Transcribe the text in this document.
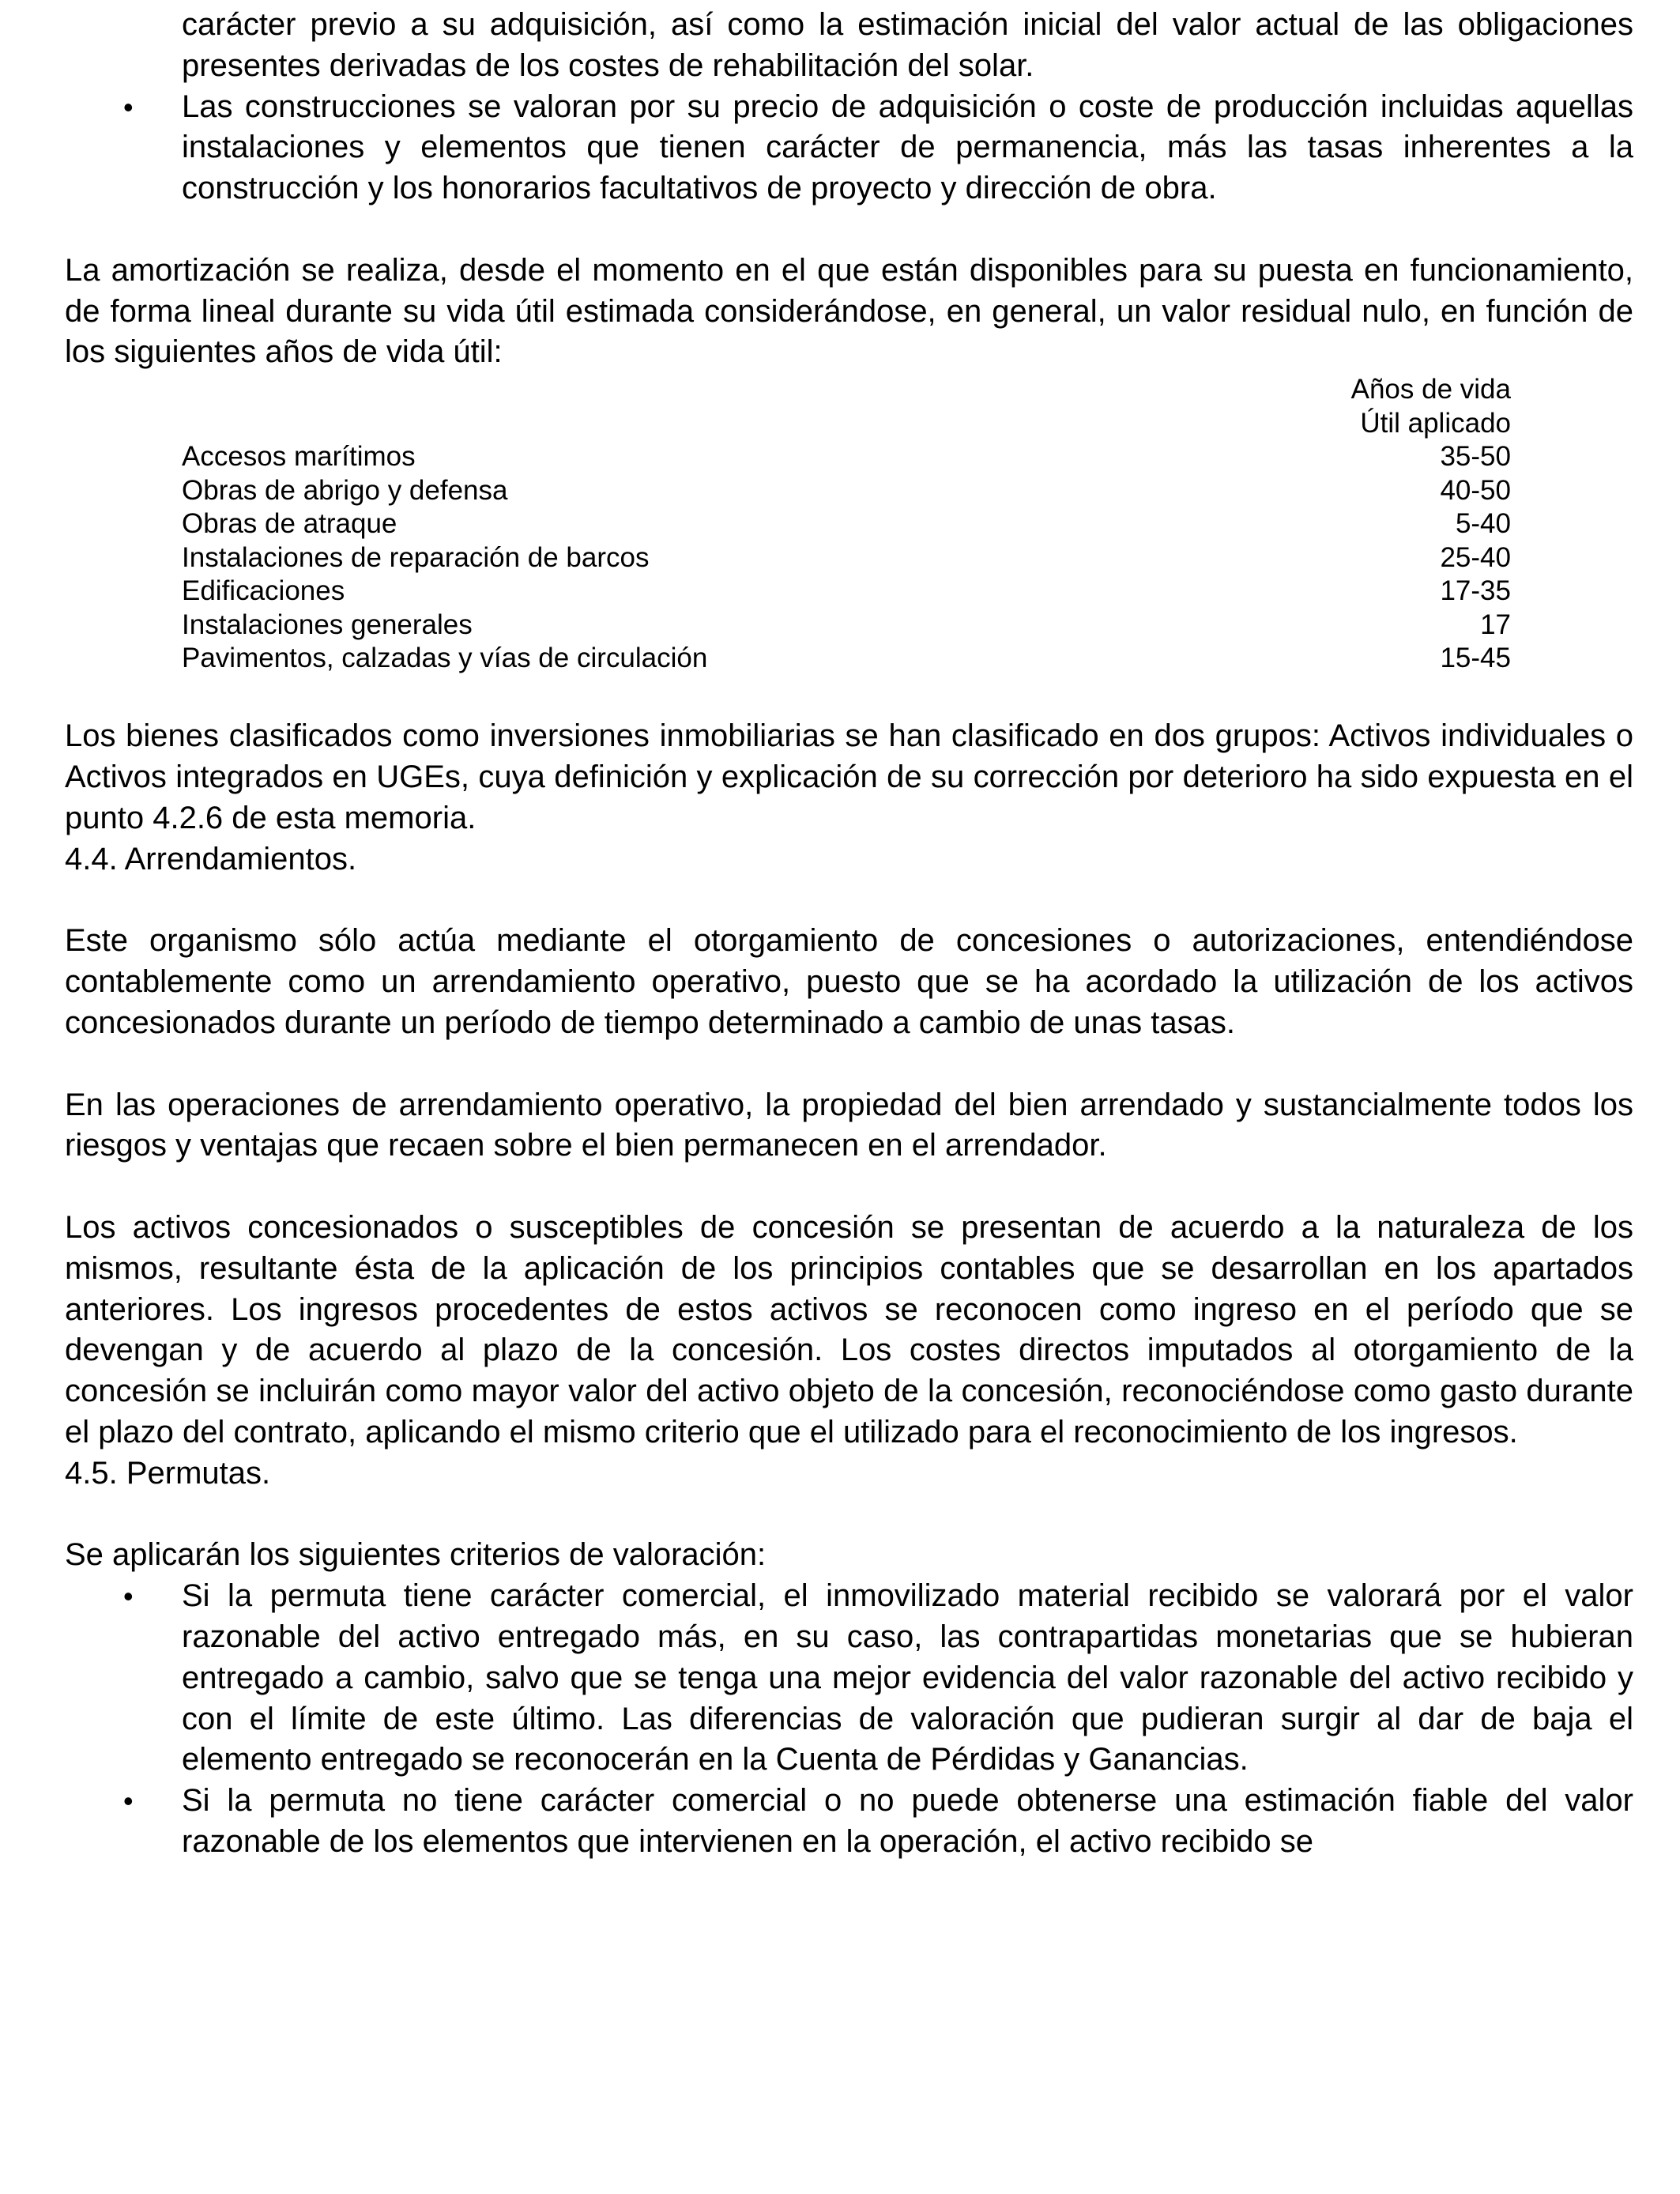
carácter previo a su adquisición, así como la estimación inicial del valor actual de las obligaciones presentes derivadas de los costes de rehabilitación del solar.

• Las construcciones se valoran por su precio de adquisición o coste de producción incluidas aquellas instalaciones y elementos que tienen carácter de permanencia, más las tasas inherentes a la construcción y los honorarios facultativos de proyecto y dirección de obra.

La amortización se realiza, desde el momento en el que están disponibles para su puesta en funcionamiento, de forma lineal durante su vida útil estimada considerándose, en general, un valor residual nulo, en función de los siguientes años de vida útil:

	Años de vida
	Útil aplicado
Accesos marítimos	35-50
Obras de abrigo y defensa	40-50
Obras de atraque	5-40
Instalaciones de reparación de barcos	25-40
Edificaciones	17-35
Instalaciones generales	17
Pavimentos, calzadas y vías de circulación	15-45

Los bienes clasificados como inversiones inmobiliarias se han clasificado en dos grupos: Activos individuales o Activos integrados en UGEs, cuya definición y explicación de su corrección por deterioro ha sido expuesta en el punto 4.2.6 de esta memoria.

4.4. Arrendamientos.

Este organismo sólo actúa mediante el otorgamiento de concesiones o autorizaciones, entendiéndose contablemente como un arrendamiento operativo, puesto que se ha acordado la utilización de los activos concesionados durante un período de tiempo determinado a cambio de unas tasas.

En las operaciones de arrendamiento operativo, la propiedad del bien arrendado y sustancialmente todos los riesgos y ventajas que recaen sobre el bien permanecen en el arrendador.

Los activos concesionados o susceptibles de concesión se presentan de acuerdo a la naturaleza de los mismos, resultante ésta de la aplicación de los principios contables que se desarrollan en los apartados anteriores. Los ingresos procedentes de estos activos se reconocen como ingreso en el período que se devengan y de acuerdo al plazo de la concesión. Los costes directos imputados al otorgamiento de la concesión se incluirán como mayor valor del activo objeto de la concesión, reconociéndose como gasto durante el plazo del contrato, aplicando el mismo criterio que el utilizado para el reconocimiento de los ingresos.

4.5. Permutas.

Se aplicarán los siguientes criterios de valoración:

• Si la permuta tiene carácter comercial, el inmovilizado material recibido se valorará por el valor razonable del activo entregado más, en su caso, las contrapartidas monetarias que se hubieran entregado a cambio, salvo que se tenga una mejor evidencia del valor razonable del activo recibido y con el límite de este último. Las diferencias de valoración que pudieran surgir al dar de baja el elemento entregado se reconocerán en la Cuenta de Pérdidas y Ganancias.
• Si la permuta no tiene carácter comercial o no puede obtenerse una estimación fiable del valor razonable de los elementos que intervienen en la operación, el activo recibido se
